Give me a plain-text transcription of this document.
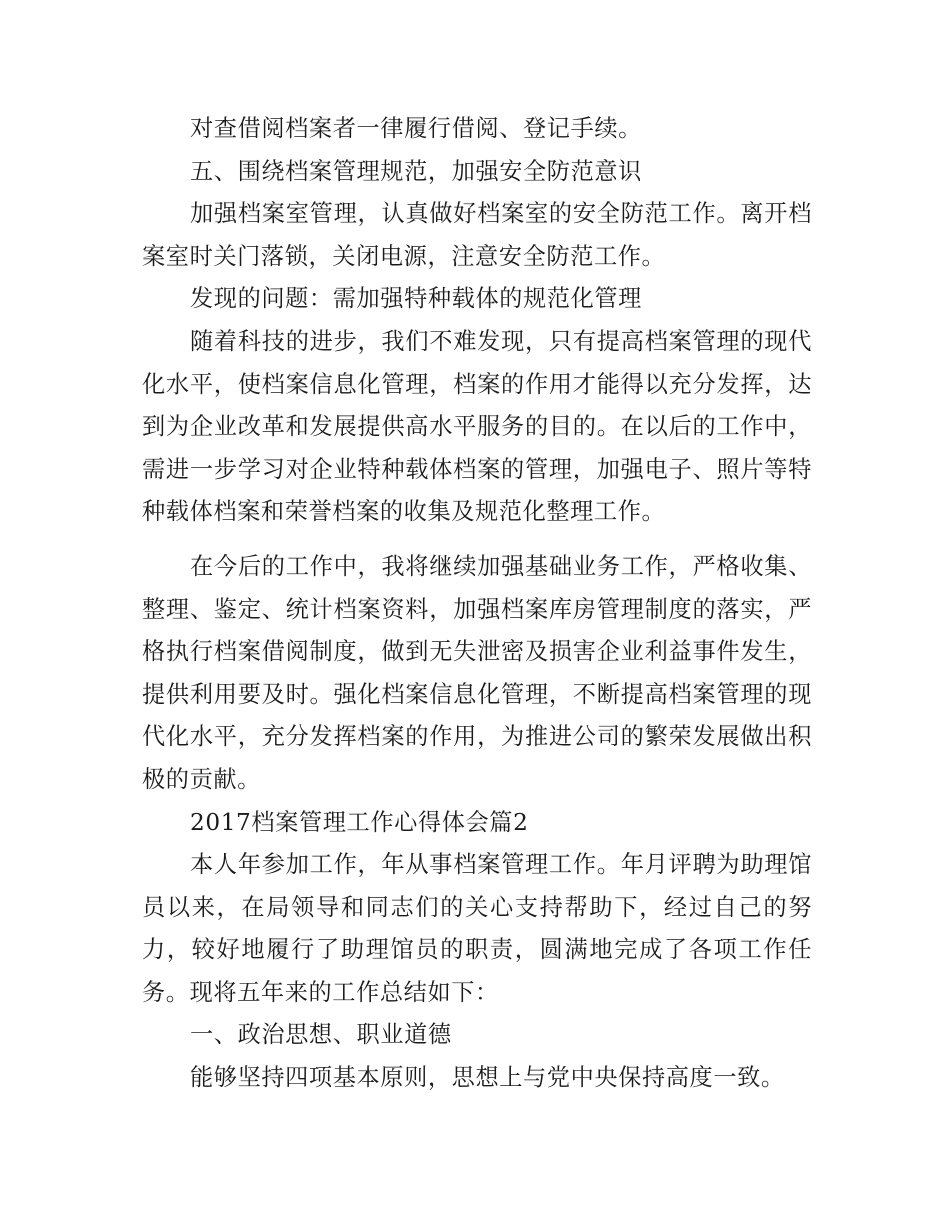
对查借阅档案者一律履行借阅、登记手续。

五、围绕档案管理规范，加强安全防范意识

加强档案室管理，认真做好档案室的安全防范工作。离开档案室时关门落锁，关闭电源，注意安全防范工作。

发现的问题：需加强特种载体的规范化管理

随着科技的进步，我们不难发现，只有提高档案管理的现代化水平，使档案信息化管理，档案的作用才能得以充分发挥，达到为企业改革和发展提供高水平服务的目的。在以后的工作中，需进一步学习对企业特种载体档案的管理，加强电子、照片等特种载体档案和荣誉档案的收集及规范化整理工作。

在今后的工作中，我将继续加强基础业务工作，严格收集、整理、鉴定、统计档案资料，加强档案库房管理制度的落实，严格执行档案借阅制度，做到无失泄密及损害企业利益事件发生，提供利用要及时。强化档案信息化管理，不断提高档案管理的现代化水平，充分发挥档案的作用，为推进公司的繁荣发展做出积极的贡献。

2017档案管理工作心得体会篇2

本人年参加工作，年从事档案管理工作。年月评聘为助理馆员以来，在局领导和同志们的关心支持帮助下，经过自己的努力，较好地履行了助理馆员的职责，圆满地完成了各项工作任务。现将五年来的工作总结如下：

一、政治思想、职业道德

能够坚持四项基本原则，思想上与党中央保持高度一致。
